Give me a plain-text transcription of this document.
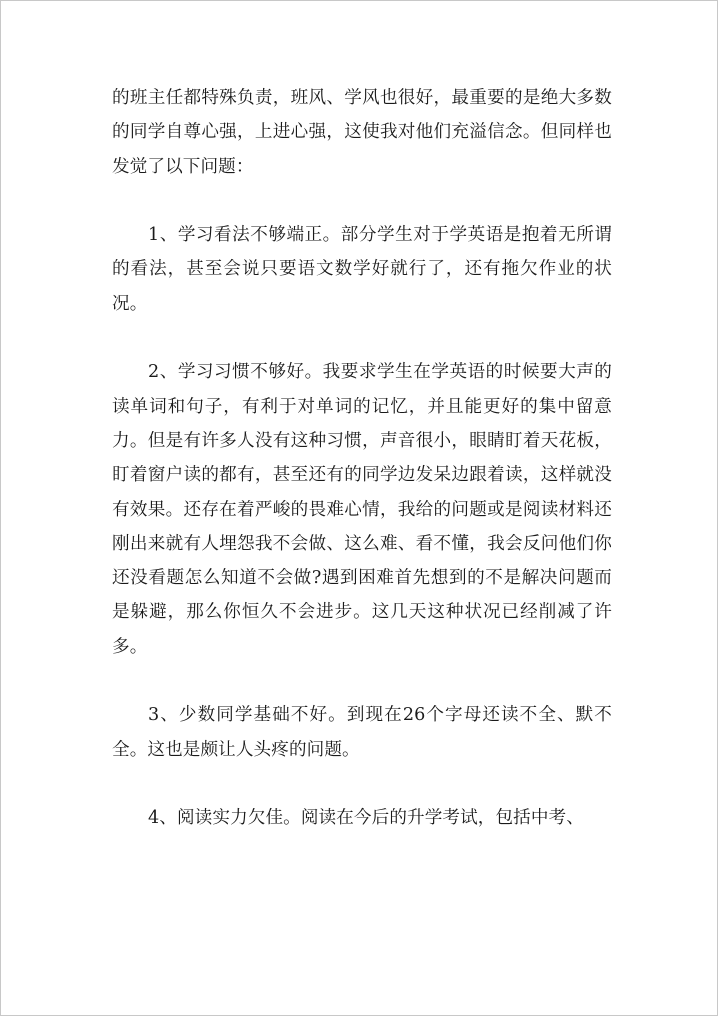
的班主任都特殊负责，班风、学风也很好，最重要的是绝大多数的同学自尊心强，上进心强，这使我对他们充溢信念。但同样也发觉了以下问题：

1、学习看法不够端正。部分学生对于学英语是抱着无所谓的看法，甚至会说只要语文数学好就行了，还有拖欠作业的状况。

2、学习习惯不够好。我要求学生在学英语的时候要大声的读单词和句子，有利于对单词的记忆，并且能更好的集中留意力。但是有许多人没有这种习惯，声音很小，眼睛盯着天花板，盯着窗户读的都有，甚至还有的同学边发呆边跟着读，这样就没有效果。还存在着严峻的畏难心情，我给的问题或是阅读材料还刚出来就有人埋怨我不会做、这么难、看不懂，我会反问他们你还没看题怎么知道不会做?遇到困难首先想到的不是解决问题而是躲避，那么你恒久不会进步。这几天这种状况已经削减了许多。

3、少数同学基础不好。到现在26个字母还读不全、默不全。这也是颇让人头疼的问题。

4、阅读实力欠佳。阅读在今后的升学考试，包括中考、
